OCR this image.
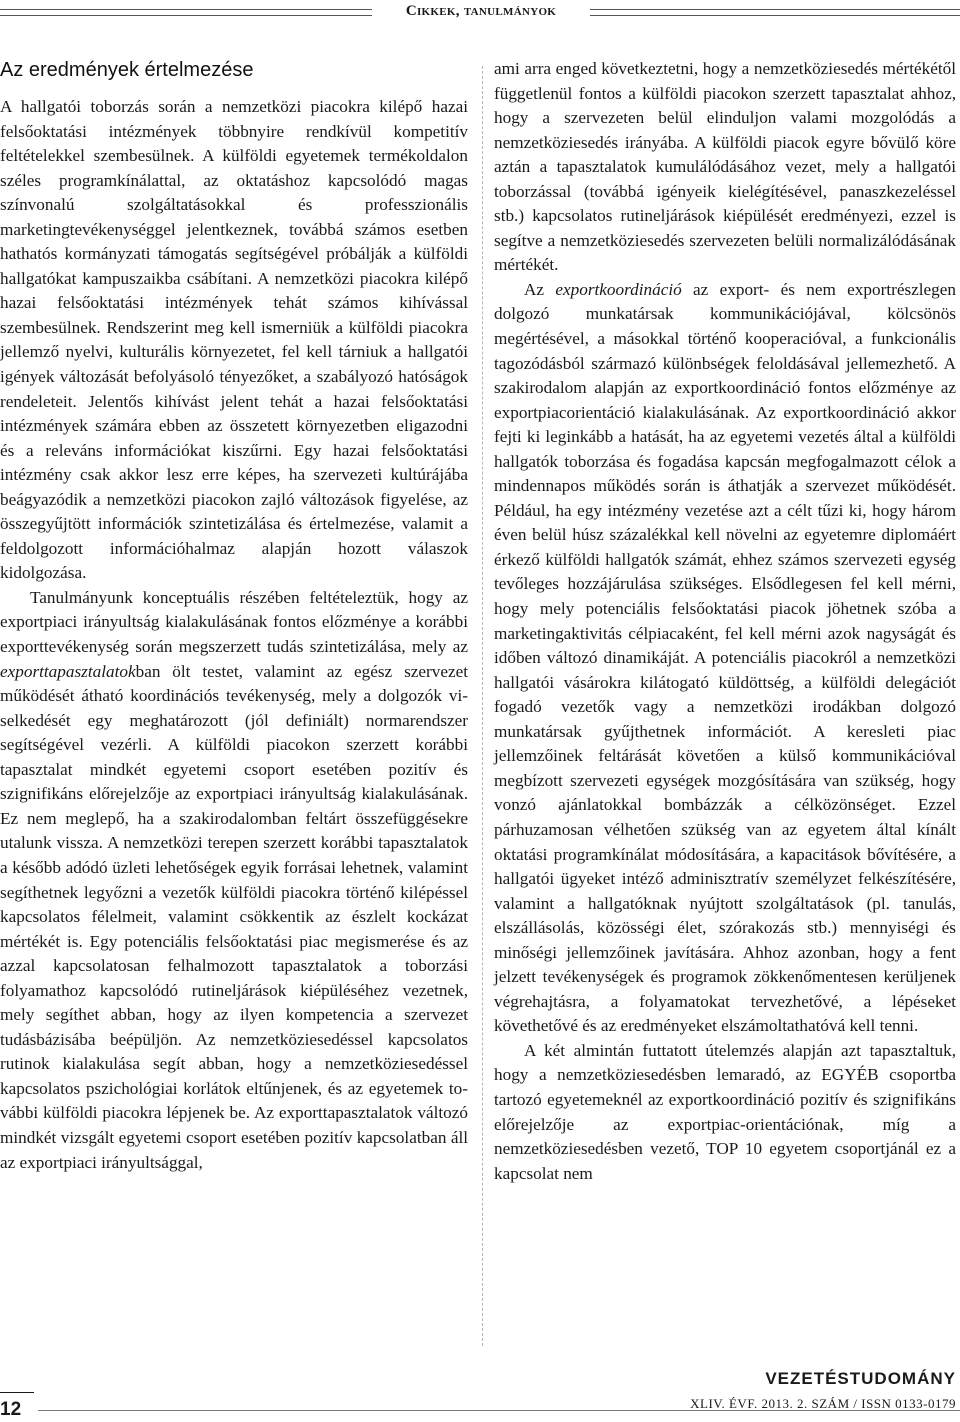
Cikkek, tanulmányok
Az eredmények értelmezése

A hallgatói toborzás során a nemzetközi piacokra kilépő hazai felsőoktatási intézmények többnyire rendkívül kompetitív feltételekkel szembesülnek. A külföldi egyetemek termékoldalon széles programkínálattal, az oktatáshoz kapcsolódó magas színvonalú szolgáltatásokkal és professzionális marketingtevékenységgel jelentkeznek, továbbá számos esetben hathatós kormányzati támogatás segítségével próbálják a külföldi hallgatókat kampuszaikba csábítani. A nemzetközi piacokra kilépő hazai felsőoktatási intézmények tehát számos kihívással szembesülnek. Rendszerint meg kell ismerniük a külföldi piacokra jellemző nyelvi, kulturális környezetet, fel kell tárniuk a hallgatói igények változását befolyásoló tényezőket, a szabályozó hatóságok rendeleteit. Jelentős kihívást jelent tehát a hazai felsőoktatási intézmények számára ebben az összetett környezetben eligazodni és a releváns információkat kiszűrni. Egy hazai felsőoktatási intézmény csak akkor lesz erre képes, ha szervezeti kultúrájába beágyazódik a nemzetközi piacokon zajló változások figyelése, az összegyűjtött információk szintetizálása és értelmezése, valamit a feldolgozott információhalmaz alapján hozott válaszok kidolgozása.

Tanulmányunk konceptuális részében feltételeztük, hogy az exportpiaci irányultság kialakulásának fontos előzménye a korábbi exporttevékenység során megszerzett tudás szintetizálása, mely az exporttapasztalatokban ölt testet, valamint az egész szervezet működését átható koordinációs tevékenység, mely a dolgozók viselkedését egy meghatározott (jól definiált) normarendszer segítségével vezérli. A külföldi piacokon szerzett korábbi tapasztalat mindkét egyetemi csoport esetében pozitív és szignifikáns előrejelzője az exportpiaci irányultság kialakulásának. Ez nem meglepő, ha a szakirodalomban feltárt összefüggésekre utalunk vissza. A nemzetközi terepen szerzett korábbi tapasztalatok a később adódó üzleti lehetőségek egyik forrásai lehetnek, valamint segíthetnek legyőzni a vezetők külföldi piacokra történő kilépéssel kapcsolatos félelmeit, valamint csökkentik az észlelt kockázat mértékét is. Egy potenciális felsőoktatási piac megismerése és az azzal kapcsolatosan felhalmozott tapasztalatok a toborzási folyamathoz kapcsolódó rutineljárások kiépüléséhez vezetnek, mely segíthet abban, hogy az ilyen kompetencia a szervezet tudásbázisába beépüljön. Az nemzetköziesedéssel kapcsolatos rutinok kialakulása segít abban, hogy a nemzetköziesedéssel kapcsolatos pszichológiai korlátok eltűnjenek, és az egyetemek további külföldi piacokra lépjenek be. Az exporttapasztalatok változó mindkét vizsgált egyetemi csoport esetében pozitív kapcsolatban áll az exportpiaci irányultsággal,

ami arra enged következtetni, hogy a nemzetköziesedés mértékétől függetlenül fontos a külföldi piacokon szerzett tapasztalat ahhoz, hogy a szervezeten belül elinduljon valami mozgolódás a nemzetköziesedés irányába. A külföldi piacok egyre bővülő köre aztán a tapasztalatok kumulálódásához vezet, mely a hallgatói toborzással (továbbá igényeik kielégítésével, panaszkezeléssel stb.) kapcsolatos rutineljárások kiépülését eredményezi, ezzel is segítve a nemzetköziesedés szervezeten belüli normalizálódásának mértékét.

Az exportkoordináció az export- és nem exportrészlegen dolgozó munkatársak kommunikációjával, kölcsönös megértésével, a másokkal történő kooperacióval, a funkcionális tagozódásból származó különbségek feloldásával jellemezhető. A szakirodalom alapján az exportkoordináció fontos előzménye az exportpiacorientáció kialakulásának. Az exportkoordináció akkor fejti ki leginkább a hatását, ha az egyetemi vezetés által a külföldi hallgatók toborzása és fogadása kapcsán megfogalmazott célok a mindennapos működés során is áthatják a szervezet működését. Például, ha egy intézmény vezetése azt a célt tűzi ki, hogy három éven belül húsz százalékkal kell növelni az egyetemre diplomáért érkező külföldi hallgatók számát, ehhez számos szervezeti egység tevőleges hozzájárulása szükséges. Elsődlegesen fel kell mérni, hogy mely potenciális felsőoktatási piacok jöhetnek szóba a marketingaktivitás célpiacaként, fel kell mérni azok nagyságát és időben változó dinamikáját. A potenciális piacokról a nemzetközi hallgatói vásárokra kilátogató küldöttség, a külföldi delegációt fogadó vezetők vagy a nemzetközi irodákban dolgozó munkatársak gyűjthetnek információt. A keresleti piac jellemzőinek feltárását követően a külső kommunikációval megbízott szervezeti egységek mozgósítására van szükség, hogy vonzó ajánlatokkal bombázzák a célközönséget. Ezzel párhuzamosan vélhetően szükség van az egyetem által kínált oktatási programkínálat módosítására, a kapacitások bővítésére, a hallgatói ügyeket intéző adminisztratív személyzet felkészítésére, valamint a hallgatóknak nyújtott szolgáltatások (pl. tanulás, elszállásolás, közösségi élet, szórakozás stb.) mennyiségi és minőségi jellemzőinek javítására. Ahhoz azonban, hogy a fent jelzett tevékenységek és programok zökkenőmentesen kerüljenek végrehajtásra, a folyamatokat tervezhetővé, a lépéseket követhetővé és az eredményeket elszámoltathatóvá kell tenni.

A két almintán futtatott útelemzés alapján azt tapasztaltuk, hogy a nemzetköziesedésben lemaradó, az EGYÉB csoportba tartozó egyetemeknél az exportkoordináció pozitív és szignifikáns előrejelzője az exportpiac-orientációnak, míg a nemzetköziesedésben vezető, TOP 10 egyetem csoportjánál ez a kapcsolat nem

12
VEZETÉSTUDOMÁNY
XLIV. ÉVF. 2013. 2. SZÁM / ISSN 0133-0179
